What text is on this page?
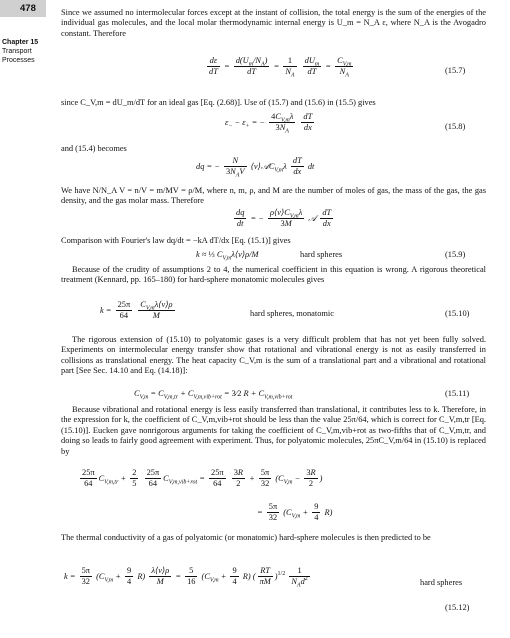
478
Chapter 15
Transport Processes
Since we assumed no intermolecular forces except at the instant of collision, the total energy is the sum of the energies of the individual gas molecules, and the local molar thermodynamic internal energy is U_m = N_A ε, where N_A is the Avogadro constant. Therefore
$\frac{d\varepsilon}{dT} = \frac{d(U_m/N_A)}{dT} = \frac{1}{N_A}$
$\frac{dU_m}{dT} = \frac{C_{V,m}}{N_A}$	(15.7)
since C_V,m = dU_m/dT for an ideal gas [Eq. (2.68)]. Use of (15.7) and (15.6) in (15.5) gives
$\varepsilon_- - \varepsilon_+$ = − $\frac{4C_{V,m}\lambda}{3N_A}$
$\frac{dT}{dx}$	(15.8)
and (15.4) becomes
dq = − $\frac{N}{3N_AV}$ ⟨v⟩𝒜C$_{V,m}$λ $\frac{dT}{dx}$ dt
We have N/N_A V = n/V = m/MV = ρ/M, where n, m, ρ, and M are the number of moles of gas, the mass of the gas, the gas density, and the gas molar mass. Therefore
$\frac{dq}{dt}$ = − $\frac{\rho⟨v⟩C_{V,m}\lambda}{3M}$ 𝒜 $\frac{dT}{dx}$
Comparison with Fourier's law dq/dt = −kA dT/dx [Eq. (15.1)] gives
k ≈ ⅓ $C_{V,m}\lambda⟨v⟩\rho/M$	hard spheres	(15.9)
Because of the crudity of assumptions 2 to 4, the numerical coefficient in this equation is wrong. A rigorous theoretical treatment (Kennard, pp. 165–180) for hard-sphere monatomic molecules gives
$k = \frac{25\pi}{64}$
$\frac{C_{V,m}\lambda⟨v⟩\rho}{M}$	hard spheres, monatomic	(15.10)
The rigorous extension of (15.10) to polyatomic gases is a very difficult problem that has not yet been fully solved. Experiments on intermolecular energy transfer show that rotational and vibrational energy is not as easily transferred in collisions as translational energy. The heat capacity C_V,m is the sum of a translational part and a vibrational and rotational part [See Sec. 14.10 and Eq. (14.18)]:
$C_{V,m} = C_{V,m,tr} + C_{V,m,vib+rot}$ = 3⁄2 $R + C_{V,m,vib+rot}$	(15.11)
Because vibrational and rotational energy is less easily transferred than translational, it contributes less to k. Therefore, in the expression for k, the coefficient of C_V,m,vib+rot should be less than the value 25π/64, which is correct for C_V,m,tr [Eq. (15.10)]. Eucken gave nonrigorous arguments for taking the coefficient of C_V,m,vib+rot as two-fifths that of C_V,m,tr, and doing so leads to fairly good agreement with experiment. Thus, for polyatomic molecules, 25πC_V,m/64 in (15.10) is replaced by
$\frac{25\pi}{64} C_{V,m,tr} + \frac{2}{5}$
$\frac{25\pi}{64} C_{V,m,vib+rot} = \frac{25\pi}{64}$
$\frac{3R}{2} + \frac{5\pi}{32} (C_{V,m} - \frac{3R}{2}$ )
= $\frac{5\pi}{32} (C_{V,m} + \frac{9}{4} R)$
The thermal conductivity of a gas of polyatomic (or monatomic) hard-sphere molecules is then predicted to be
$k = \frac{5\pi}{32} (C_{V,m} + \frac{9}{4} R) \frac{\lambda⟨v⟩\rho}{M} = \frac{5}{16} (C_{V,m} + \frac{9}{4} R)$ ( $\frac{RT}{\pi M} )^{1/2} \frac{1}{N_Ad^2}$	hard spheres
(15.12)
